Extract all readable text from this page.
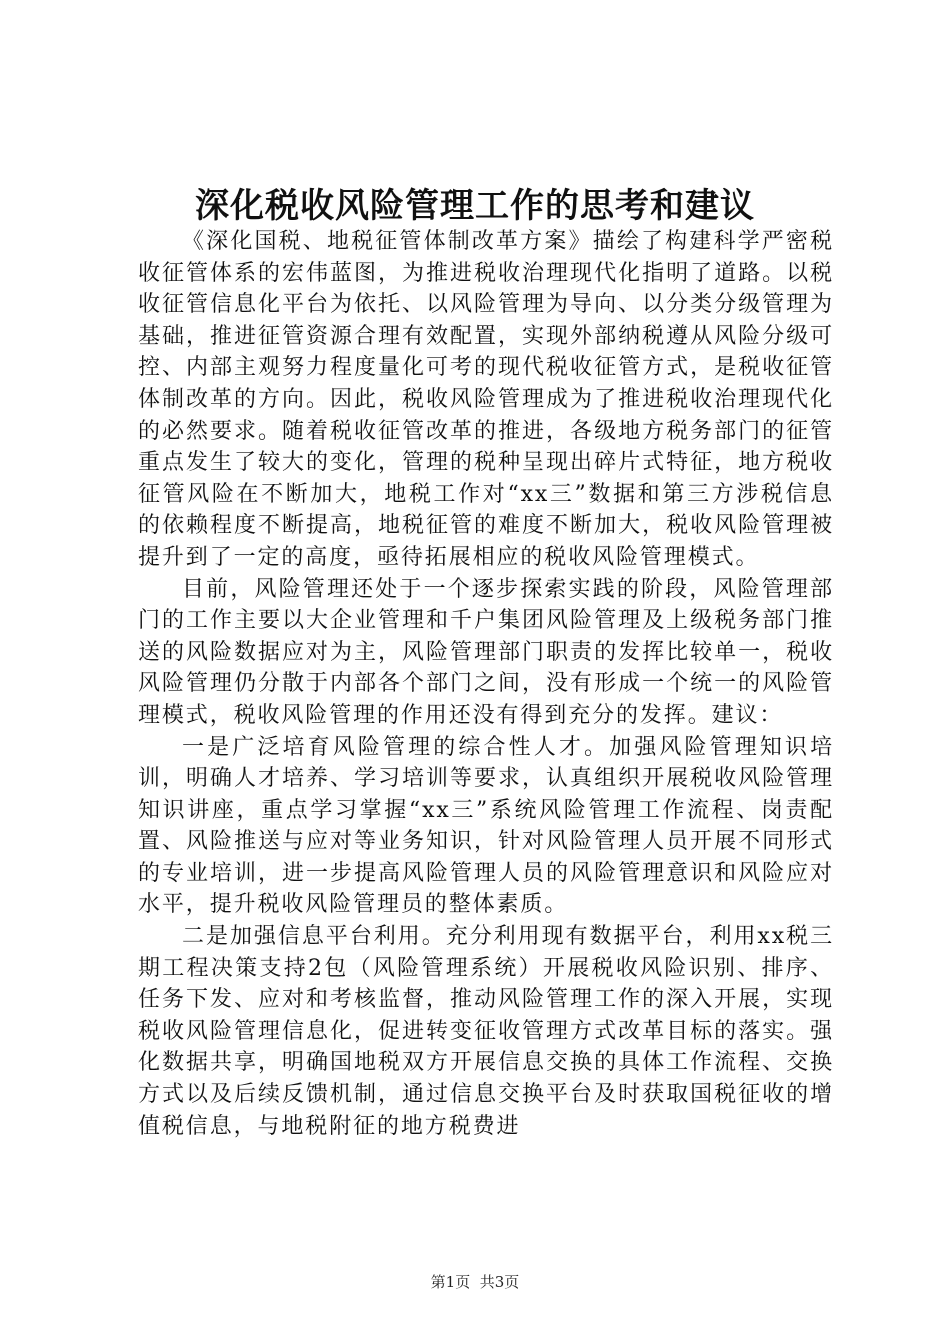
深化税收风险管理工作的思考和建议

《深化国税、地税征管体制改革方案》描绘了构建科学严密税收征管体系的宏伟蓝图，为推进税收治理现代化指明了道路。以税收征管信息化平台为依托、以风险管理为导向、以分类分级管理为基础，推进征管资源合理有效配置，实现外部纳税遵从风险分级可控、内部主观努力程度量化可考的现代税收征管方式，是税收征管体制改革的方向。因此，税收风险管理成为了推进税收治理现代化的必然要求。随着税收征管改革的推进，各级地方税务部门的征管重点发生了较大的变化，管理的税种呈现出碎片式特征，地方税收征管风险在不断加大，地税工作对“xx三”数据和第三方涉税信息的依赖程度不断提高，地税征管的难度不断加大，税收风险管理被提升到了一定的高度，亟待拓展相应的税收风险管理模式。

目前，风险管理还处于一个逐步探索实践的阶段，风险管理部门的工作主要以大企业管理和千户集团风险管理及上级税务部门推送的风险数据应对为主，风险管理部门职责的发挥比较单一，税收风险管理仍分散于内部各个部门之间，没有形成一个统一的风险管理模式，税收风险管理的作用还没有得到充分的发挥。建议：

一是广泛培育风险管理的综合性人才。加强风险管理知识培训，明确人才培养、学习培训等要求，认真组织开展税收风险管理知识讲座，重点学习掌握“xx三”系统风险管理工作流程、岗责配置、风险推送与应对等业务知识，针对风险管理人员开展不同形式的专业培训，进一步提高风险管理人员的风险管理意识和风险应对水平，提升税收风险管理员的整体素质。

二是加强信息平台利用。充分利用现有数据平台，利用xx税三期工程决策支持2包（风险管理系统）开展税收风险识别、排序、任务下发、应对和考核监督，推动风险管理工作的深入开展，实现税收风险管理信息化，促进转变征收管理方式改革目标的落实。强化数据共享，明确国地税双方开展信息交换的具体工作流程、交换方式以及后续反馈机制，通过信息交换平台及时获取国税征收的增值税信息，与地税附征的地方税费进

第1页 共3页
